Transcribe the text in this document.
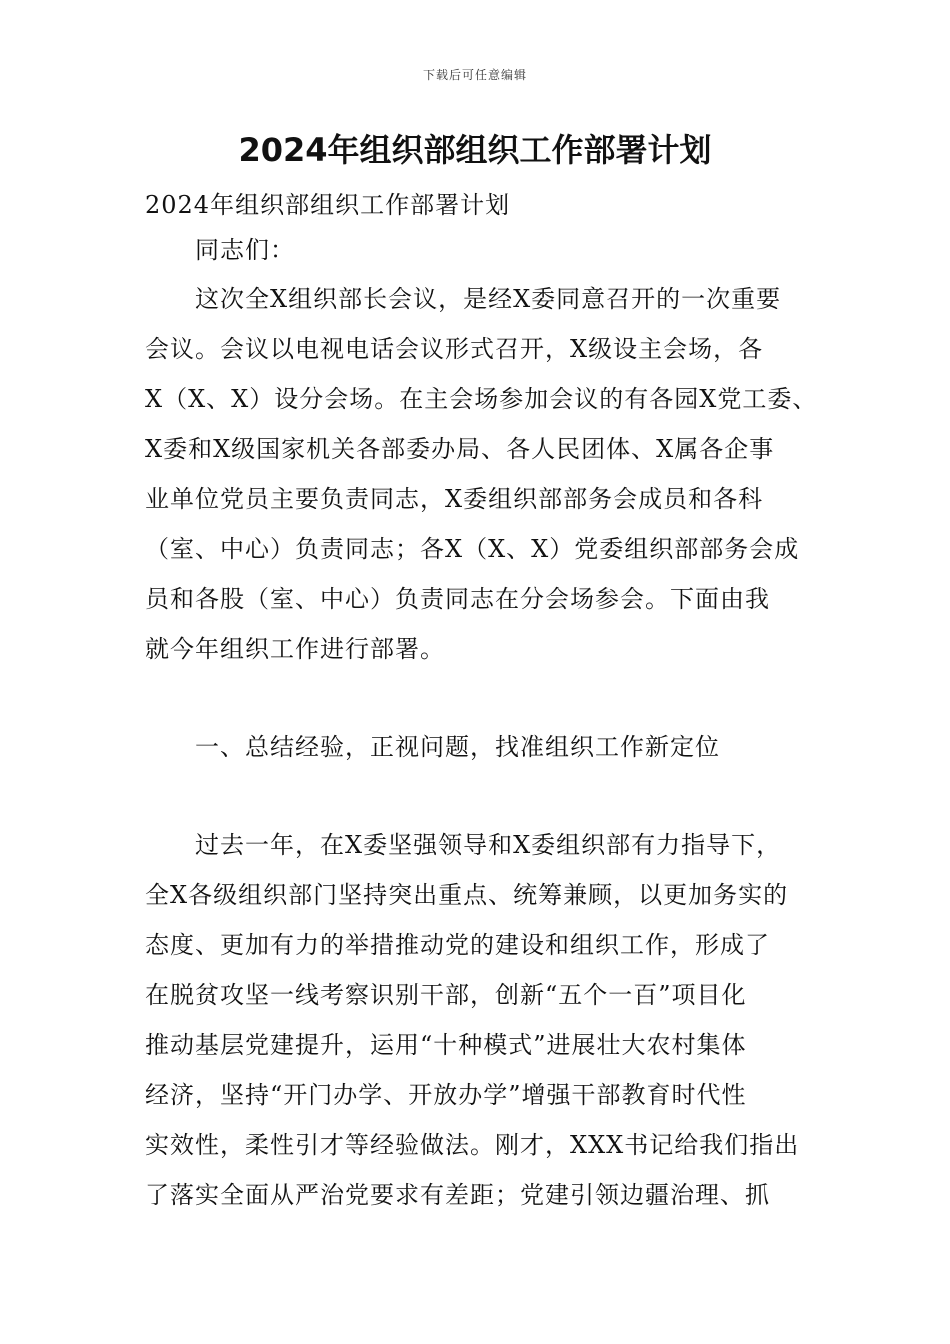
下载后可任意编辑
2024年组织部组织工作部署计划
2024年组织部组织工作部署计划
同志们：
这次全X组织部长会议，是经X委同意召开的一次重要
会议。会议以电视电话会议形式召开，X级设主会场，各
X（X、X）设分会场。在主会场参加会议的有各园X党工委、
X委和X级国家机关各部委办局、各人民团体、X属各企事
业单位党员主要负责同志，X委组织部部务会成员和各科
（室、中心）负责同志；各X（X、X）党委组织部部务会成
员和各股（室、中心）负责同志在分会场参会。下面由我
就今年组织工作进行部署。
一、总结经验，正视问题，找准组织工作新定位
过去一年，在X委坚强领导和X委组织部有力指导下，
全X各级组织部门坚持突出重点、统筹兼顾，以更加务实的
态度、更加有力的举措推动党的建设和组织工作，形成了
在脱贫攻坚一线考察识别干部，创新“五个一百”项目化
推动基层党建提升，运用“十种模式”进展壮大农村集体
经济，坚持“开门办学、开放办学”增强干部教育时代性
实效性，柔性引才等经验做法。刚才，XXX书记给我们指出
了落实全面从严治党要求有差距；党建引领边疆治理、抓
